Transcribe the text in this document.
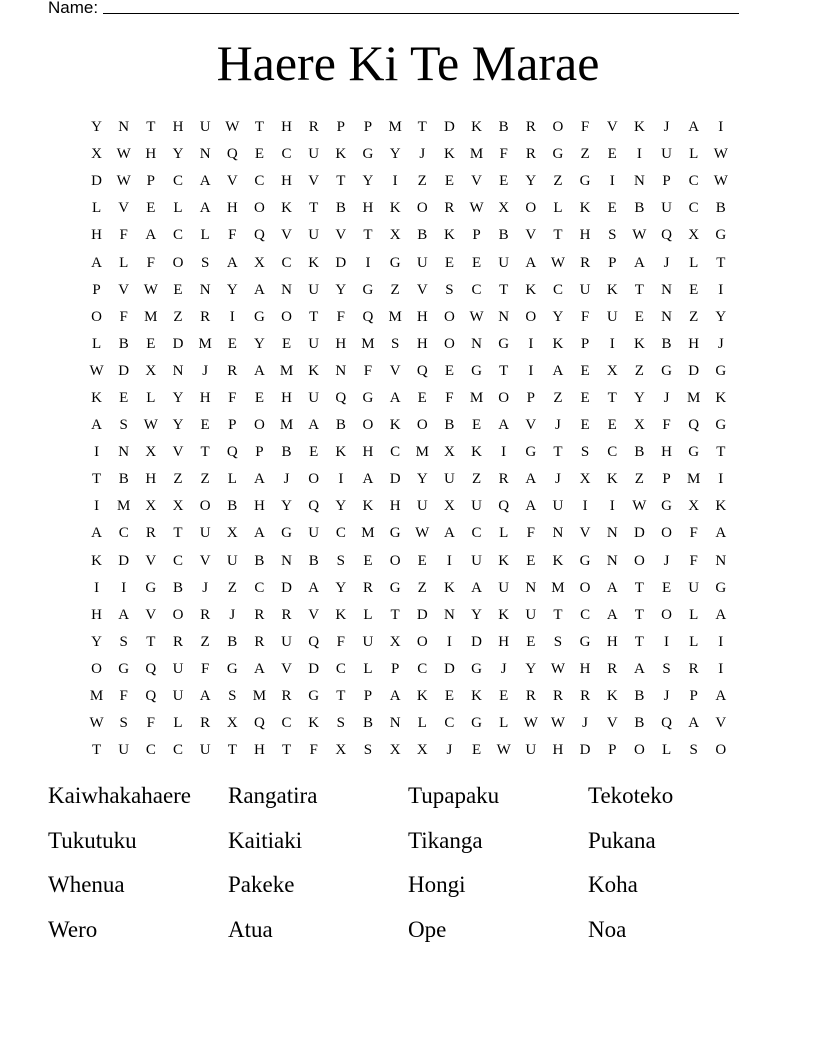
Name:
Haere Ki Te Marae
Y	N	T	H	U W	T	H	R	P	P	M	T	D	K	B	R	O	F	V	K	J	A	I
X W H	Y	N	Q	E	C	U	K	G	Y	J	K	M	F	R	G	Z	E	I	U	L	W
D W	P	C	A	V	C	H	V	T	Y	I	Z	E	V	E	Y	Z	G	I	N	P	C	W
L	V	E	L	A	H	O	K	T	B	H	K	O	R	W X	O	L	K	E	B	U	C	B
H	F	A	C	L	F	Q	V	U	V	T	X	B	K	P	B	V	T	H	S	W Q	X	G
A	L	F	O	S	A	X	C	K	D	I	G	U	E	E	U	A W	R	P	A	J	L	T
P	V W	E	N	Y	A	N	U	Y	G	Z	V	S	C	T	K	C	U	K	T	N	E	I
O	F	M	Z	R	I	G	O	T	F	Q	M	H	O W N	O	Y	F	U	E	N	Z	Y
L	B	E	D	M	E	Y	E	U	H	M	S	H	O	N	G	I	K	P	I	K	B	H	J
W D	X	N	J	R	A	M	K	N	F	V	Q	E	G	T	I	A	E	X	Z	G	D	G
K	E	L	Y	H	F	E	H	U	Q	G	A	E	F	M	O	P	Z	E	T	Y	J	M	K
A	S	W Y	E	P	O	M	A	B	O	K	O	B	E	A	V	J	E	E	X	F	Q	G
I	N	X	V	T	Q	P	B	E	K	H	C	M	X	K	I	G	T	S	C	B	H	G	T
T	B	H	Z	Z	L	A	J	O	I	A	D	Y	U	Z	R	A	J	X	K	Z	P	M	I
I	M	X	X	O	B	H	Y	Q	Y	K	H	U	X	U	Q	A	U	I	I	W G	X	K
A	C	R	T	U	X	A	G	U	C	M	G W A	C	L	F	N	V	N	D	O	F	A
K	D	V	C	V	U	B	N	B	S	E	O	E	I	U	K	E	K	G	N	O	J	F	N
I	I	G	B	J	Z	C	D	A	Y	R	G	Z	K	A	U	N	M	O	A	T	E	U	G
H	A	V	O	R	J	R	R	V	K	L	T	D	N	Y	K	U	T	C	A	T	O	L	A
Y	S	T	R	Z	B	R	U	Q	F	U	X	O	I	D	H	E	S	G	H	T	I	L	I
O	G	Q	U	F	G	A	V	D	C	L	P	C	D	G	J	Y W H	R	A	S	R	I
M	F	Q	U	A	S	M	R	G	T	P	A	K	E	K	E	R	R	R	K	B	J	P	A
W	S	F	L	R	X	Q	C	K	S	B	N	L	C	G	L	W W	J	V	B	Q	A	V
T	U	C	C	U	T	H	T	F	X	S	X	X	J	E	W U	H	D	P	O	L	S	O
Kaiwhakahaere	Rangatira	Tupapaku	Tekoteko
Tukutuku	Kaitiaki	Tikanga	Pukana
Whenua	Pakeke	Hongi	Koha
Wero	Atua	Ope	Noa
